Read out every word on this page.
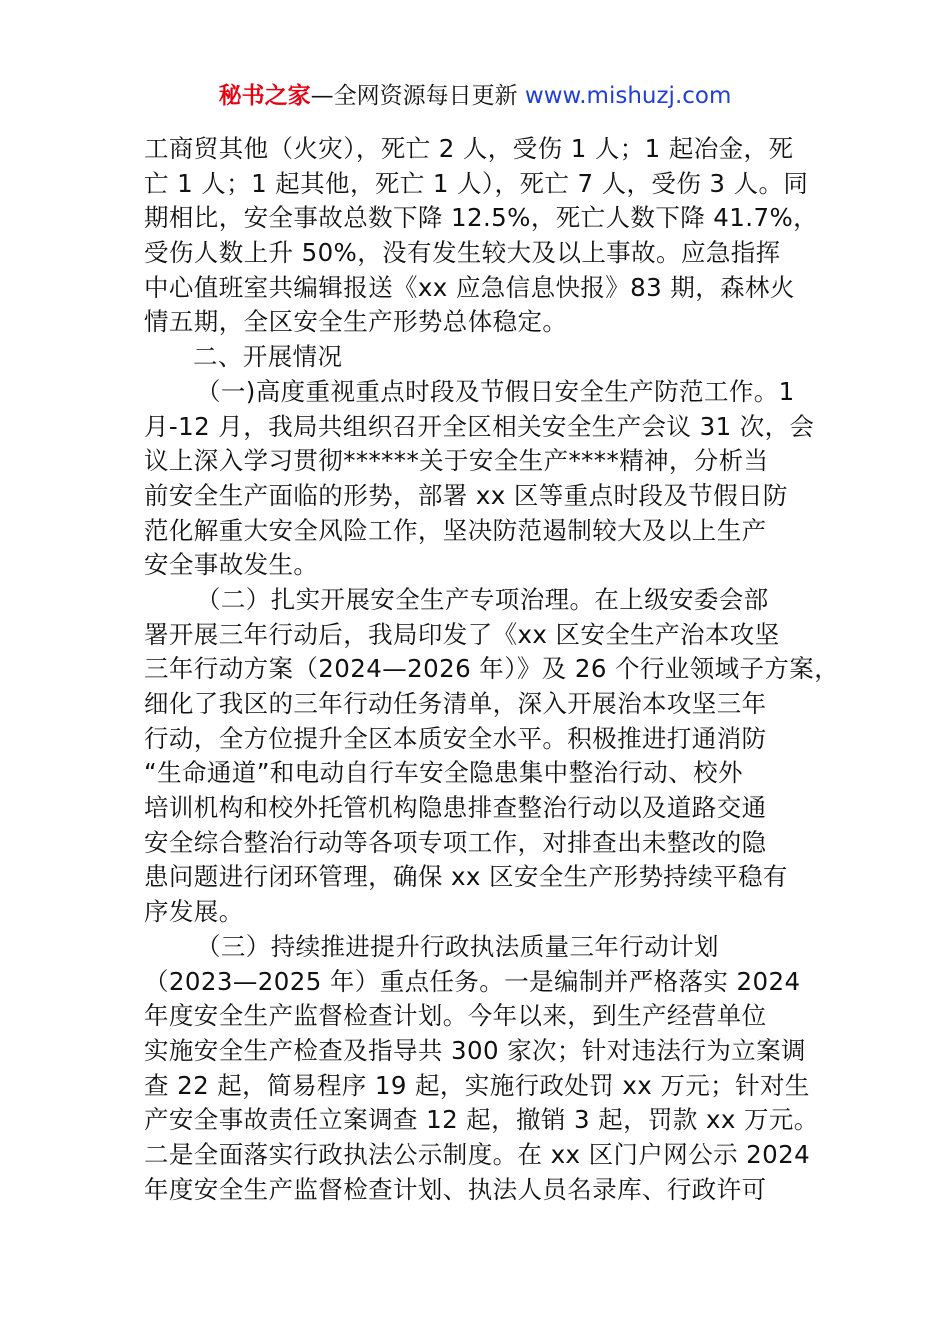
秘书之家—全网资源每日更新 www.mishuzj.com
工商贸其他（火灾），死亡 2 人，受伤 1 人；1 起冶金，死
亡 1 人；1 起其他，死亡 1 人），死亡 7 人，受伤 3 人。同
期相比，安全事故总数下降 12.5%，死亡人数下降 41.7%，
受伤人数上升 50%，没有发生较大及以上事故。应急指挥
中心值班室共编辑报送《xx 应急信息快报》83 期，森林火
情五期，全区安全生产形势总体稳定。
二、开展情况
（一)高度重视重点时段及节假日安全生产防范工作。1
月-12 月，我局共组织召开全区相关安全生产会议 31 次，会
议上深入学习贯彻******关于安全生产****精神，分析当
前安全生产面临的形势，部署 xx 区等重点时段及节假日防
范化解重大安全风险工作，坚决防范遏制较大及以上生产
安全事故发生。
（二）扎实开展安全生产专项治理。在上级安委会部
署开展三年行动后，我局印发了《xx 区安全生产治本攻坚
三年行动方案（2024—2026 年）》及 26 个行业领域子方案，
细化了我区的三年行动任务清单，深入开展治本攻坚三年
行动，全方位提升全区本质安全水平。积极推进打通消防
“生命通道”和电动自行车安全隐患集中整治行动、校外
培训机构和校外托管机构隐患排查整治行动以及道路交通
安全综合整治行动等各项专项工作，对排查出未整改的隐
患问题进行闭环管理，确保 xx 区安全生产形势持续平稳有
序发展。
（三）持续推进提升行政执法质量三年行动计划
（2023—2025 年）重点任务。一是编制并严格落实 2024
年度安全生产监督检查计划。今年以来，到生产经营单位
实施安全生产检查及指导共 300 家次；针对违法行为立案调
查 22 起，简易程序 19 起，实施行政处罚 xx 万元；针对生
产安全事故责任立案调查 12 起，撤销 3 起，罚款 xx 万元。
二是全面落实行政执法公示制度。在 xx 区门户网公示 2024
年度安全生产监督检查计划、执法人员名录库、行政许可
